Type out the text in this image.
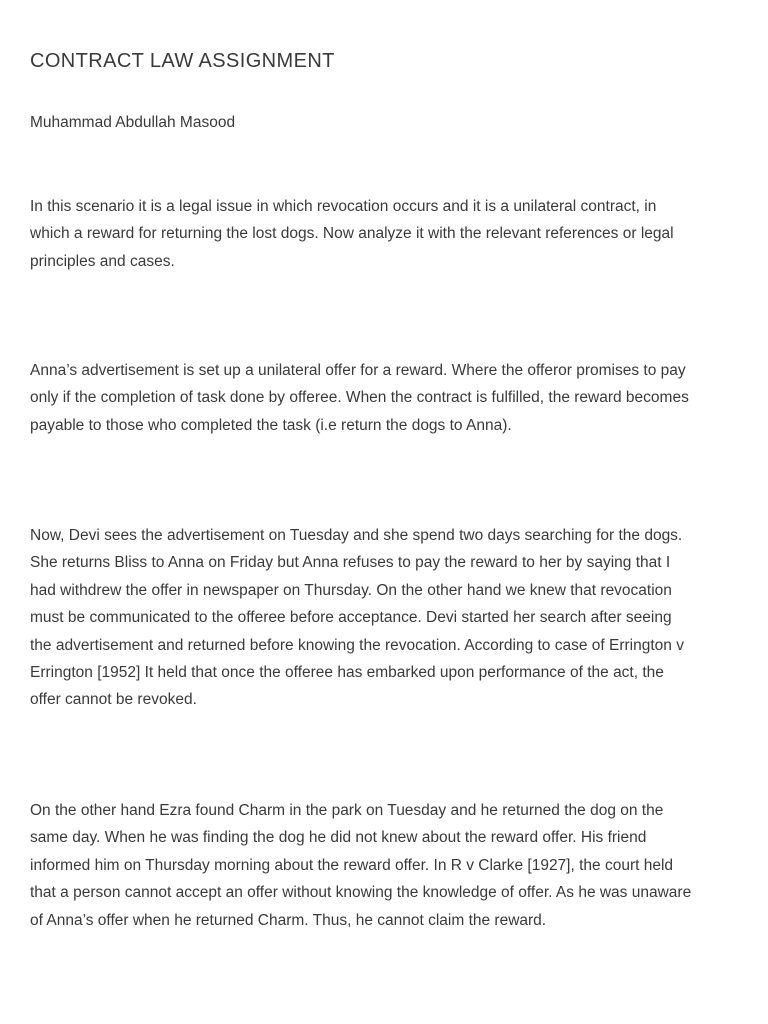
CONTRACT LAW ASSIGNMENT

Muhammad Abdullah Masood

In this scenario it is a legal issue in which revocation occurs and it is a unilateral contract, in
which a reward for returning the lost dogs. Now analyze it with the relevant references or legal
principles and cases.

Anna’s advertisement is set up a unilateral offer for a reward. Where the offeror promises to pay
only if the completion of task done by offeree. When the contract is fulfilled, the reward becomes
payable to those who completed the task (i.e return the dogs to Anna).

Now, Devi sees the advertisement on Tuesday and she spend two days searching for the dogs.
She returns Bliss to Anna on Friday but Anna refuses to pay the reward to her by saying that I
had withdrew the offer in newspaper on Thursday. On the other hand we knew that revocation
must be communicated to the offeree before acceptance. Devi started her search after seeing
the advertisement and returned before knowing the revocation. According to case of Errington v
Errington [1952] It held that once the offeree has embarked upon performance of the act, the
offer cannot be revoked.

On the other hand Ezra found Charm in the park on Tuesday and he returned the dog on the
same day. When he was finding the dog he did not knew about the reward offer. His friend
informed him on Thursday morning about the reward offer. In R v Clarke [1927], the court held
that a person cannot accept an offer without knowing the knowledge of offer. As he was unaware
of Anna’s offer when he returned Charm. Thus, he cannot claim the reward.
